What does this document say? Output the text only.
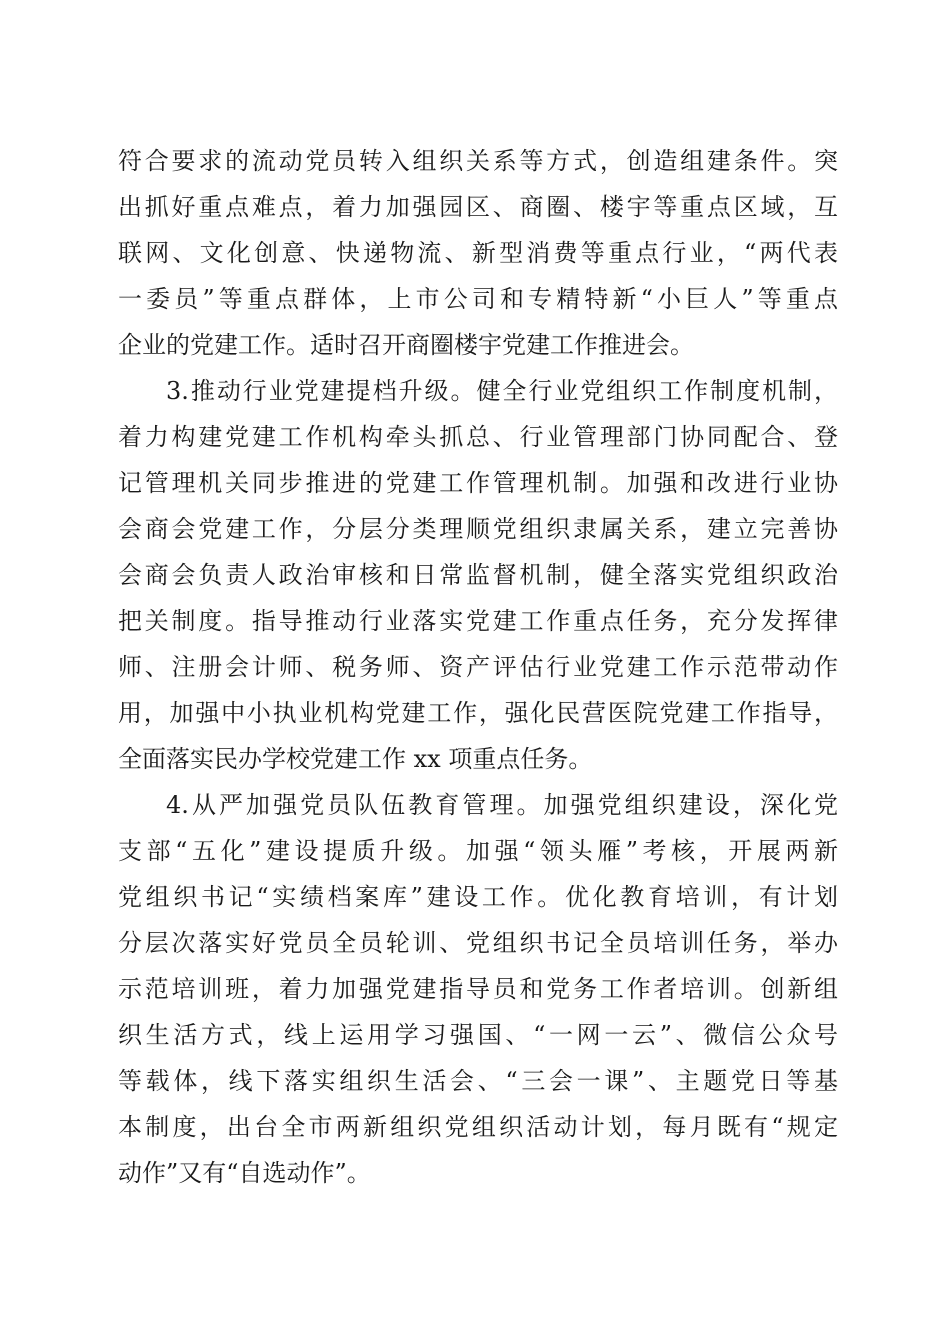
符合要求的流动党员转入组织关系等方式，创造组建条件。突
出抓好重点难点，着力加强园区、商圈、楼宇等重点区域，互
联网、文化创意、快递物流、新型消费等重点行业，“两代表
一委员”等重点群体，上市公司和专精特新“小巨人”等重点
企业的党建工作。适时召开商圈楼宇党建工作推进会。
3.推动行业党建提档升级。健全行业党组织工作制度机制，
着力构建党建工作机构牵头抓总、行业管理部门协同配合、登
记管理机关同步推进的党建工作管理机制。加强和改进行业协
会商会党建工作，分层分类理顺党组织隶属关系，建立完善协
会商会负责人政治审核和日常监督机制，健全落实党组织政治
把关制度。指导推动行业落实党建工作重点任务，充分发挥律
师、注册会计师、税务师、资产评估行业党建工作示范带动作
用，加强中小执业机构党建工作，强化民营医院党建工作指导，
全面落实民办学校党建工作 xx 项重点任务。
4.从严加强党员队伍教育管理。加强党组织建设，深化党
支部“五化”建设提质升级。加强“领头雁”考核，开展两新
党组织书记“实绩档案库”建设工作。优化教育培训，有计划
分层次落实好党员全员轮训、党组织书记全员培训任务，举办
示范培训班，着力加强党建指导员和党务工作者培训。创新组
织生活方式，线上运用学习强国、“一网一云”、微信公众号
等载体，线下落实组织生活会、“三会一课”、主题党日等基
本制度，出台全市两新组织党组织活动计划，每月既有“规定
动作”又有“自选动作”。
